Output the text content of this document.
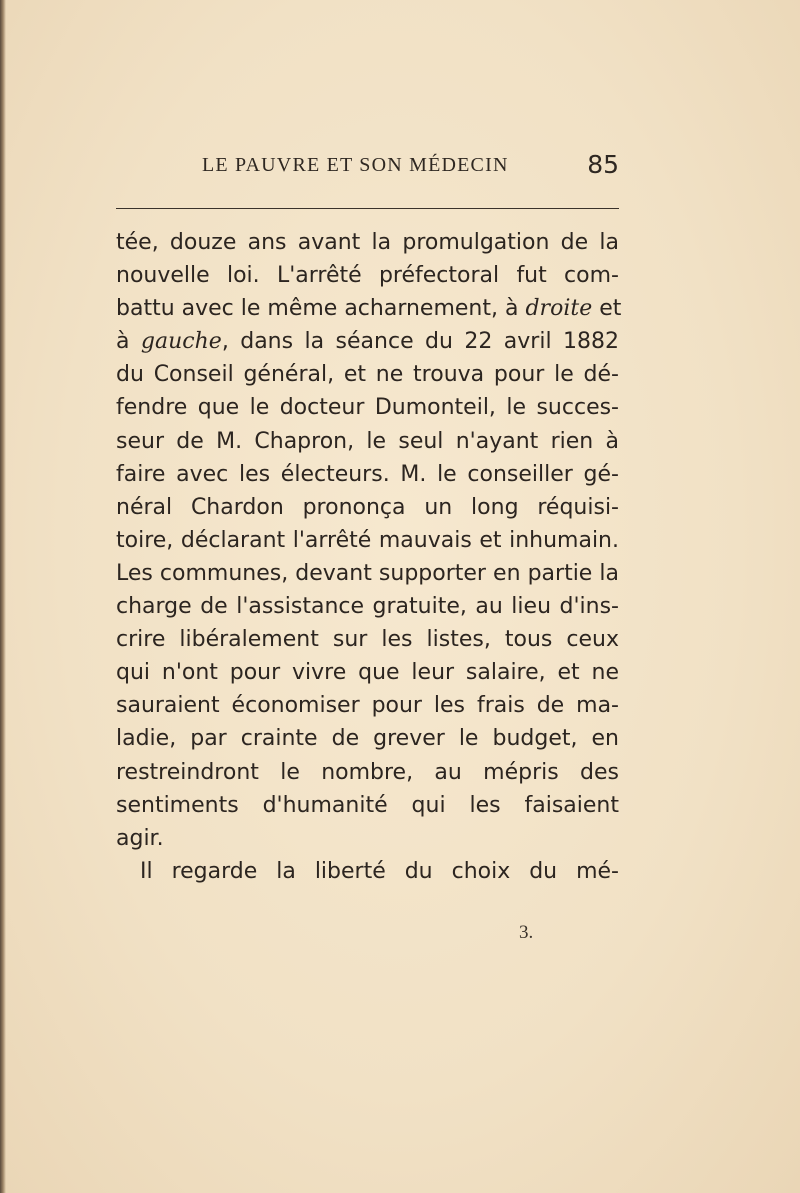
LE PAUVRE ET SON MÉDECIN	85
tée, douze ans avant la promulgation de la
nouvelle loi. L'arrêté préfectoral fut com-
battu avec le même acharnement, à droite et
à gauche, dans la séance du 22 avril 1882
du Conseil général, et ne trouva pour le dé-
fendre que le docteur Dumonteil, le succes-
seur de M. Chapron, le seul n'ayant rien à
faire avec les électeurs. M. le conseiller gé-
néral Chardon prononça un long réquisi-
toire, déclarant l'arrêté mauvais et inhumain.
Les communes, devant supporter en partie la
charge de l'assistance gratuite, au lieu d'ins-
crire libéralement sur les listes, tous ceux
qui n'ont pour vivre que leur salaire, et ne
sauraient économiser pour les frais de ma-
ladie, par crainte de grever le budget, en
restreindront le nombre, au mépris des
sentiments d'humanité qui les faisaient
agir.
Il regarde la liberté du choix du mé-
3.
